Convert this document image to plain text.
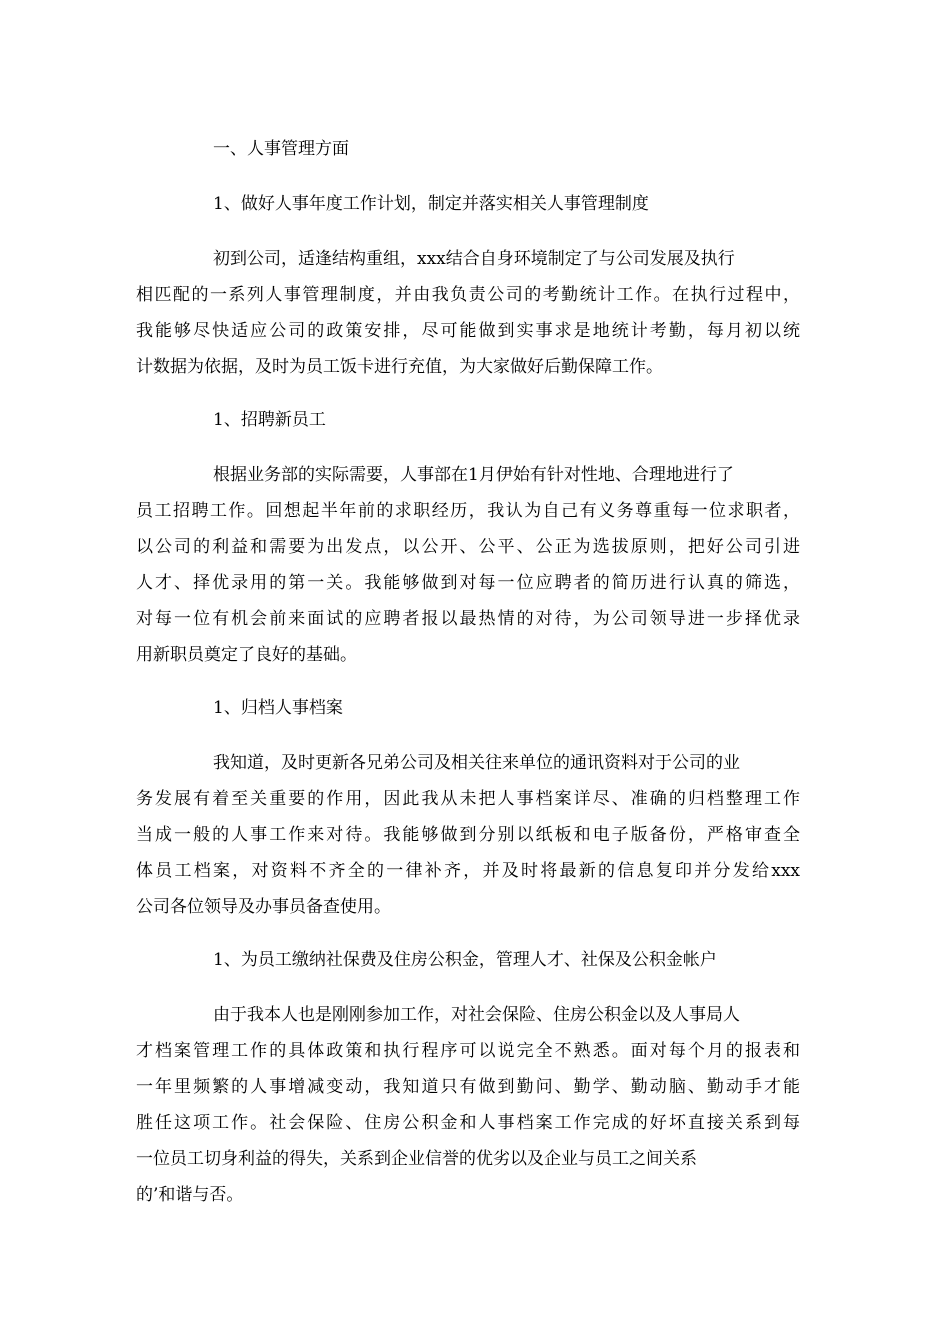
一、人事管理方面
1、做好人事年度工作计划，制定并落实相关人事管理制度
初到公司，适逢结构重组，xxx结合自身环境制定了与公司发展及执行
相匹配的一系列人事管理制度，并由我负责公司的考勤统计工作。在执行过程中，
我能够尽快适应公司的政策安排，尽可能做到实事求是地统计考勤，每月初以统
计数据为依据，及时为员工饭卡进行充值，为大家做好后勤保障工作。
1、招聘新员工
根据业务部的实际需要，人事部在1月伊始有针对性地、合理地进行了
员工招聘工作。回想起半年前的求职经历，我认为自己有义务尊重每一位求职者，
以公司的利益和需要为出发点，以公开、公平、公正为选拔原则，把好公司引进
人才、择优录用的第一关。我能够做到对每一位应聘者的简历进行认真的筛选，
对每一位有机会前来面试的应聘者报以最热情的对待，为公司领导进一步择优录
用新职员奠定了良好的基础。
1、归档人事档案
我知道，及时更新各兄弟公司及相关往来单位的通讯资料对于公司的业
务发展有着至关重要的作用，因此我从未把人事档案详尽、准确的归档整理工作
当成一般的人事工作来对待。我能够做到分别以纸板和电子版备份，严格审查全
体员工档案，对资料不齐全的一律补齐，并及时将最新的信息复印并分发给xxx
公司各位领导及办事员备查使用。
1、为员工缴纳社保费及住房公积金，管理人才、社保及公积金帐户
由于我本人也是刚刚参加工作，对社会保险、住房公积金以及人事局人
才档案管理工作的具体政策和执行程序可以说完全不熟悉。面对每个月的报表和
一年里频繁的人事增减变动，我知道只有做到勤问、勤学、勤动脑、勤动手才能
胜任这项工作。社会保险、住房公积金和人事档案工作完成的好坏直接关系到每
一位员工切身利益的得失，关系到企业信誉的优劣以及企业与员工之间关系
的’和谐与否。
